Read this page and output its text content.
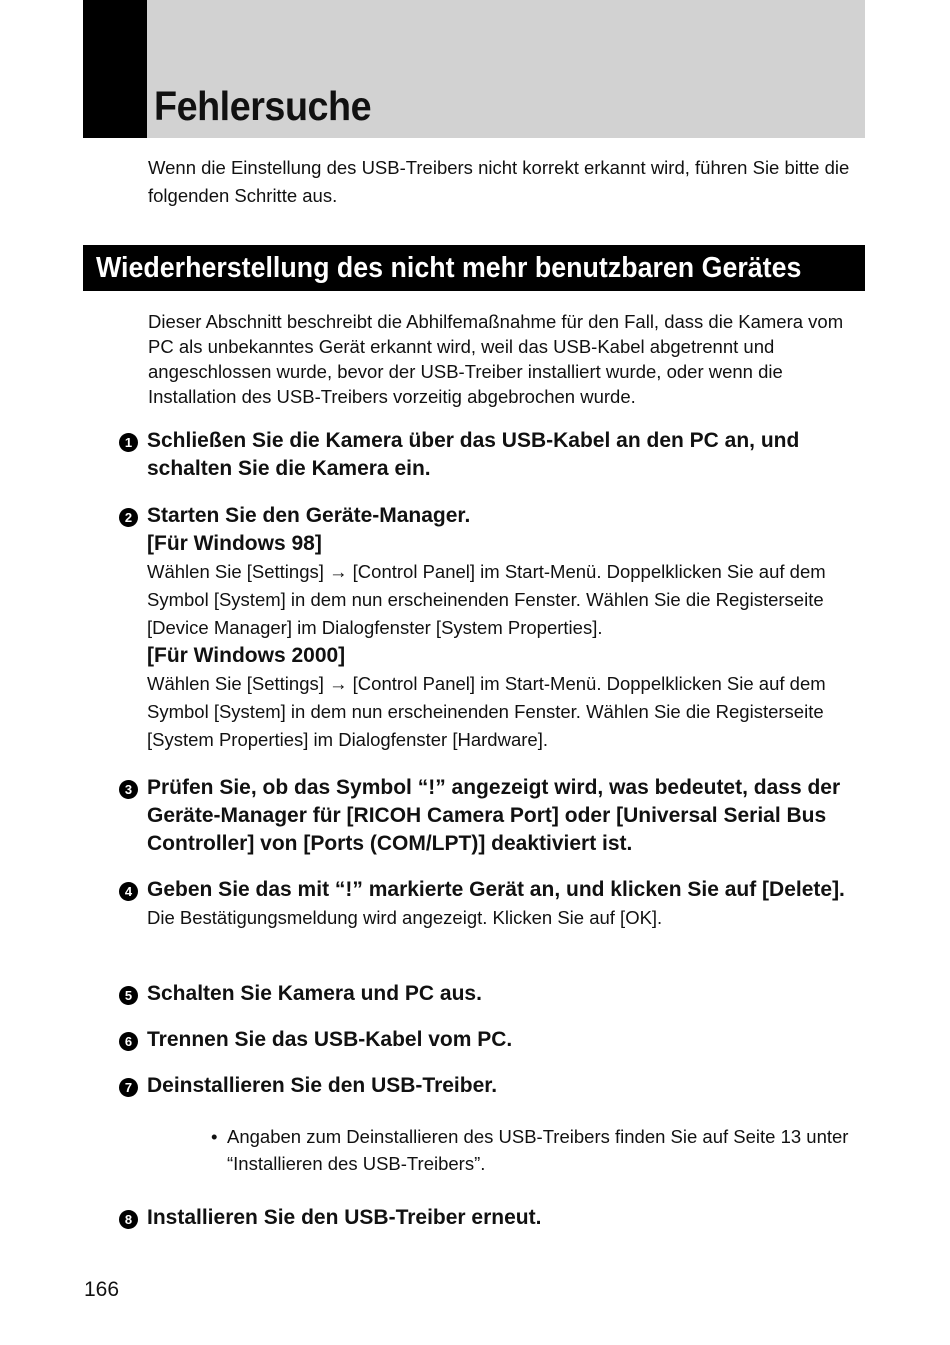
Fehlersuche

Wenn die Einstellung des USB-Treibers nicht korrekt erkannt wird, führen Sie bitte die folgenden Schritte aus.

Wiederherstellung des nicht mehr benutzbaren Gerätes

Dieser Abschnitt beschreibt die Abhilfemaßnahme für den Fall, dass die Kamera vom PC als unbekanntes Gerät erkannt wird, weil das USB-Kabel abgetrennt und angeschlossen wurde, bevor der USB-Treiber installiert wurde, oder wenn die Installation des USB-Treibers vorzeitig abgebrochen wurde.

1 Schließen Sie die Kamera über das USB-Kabel an den PC an, und schalten Sie die Kamera ein.
2 Starten Sie den Geräte-Manager.
[Für Windows 98]
Wählen Sie [Settings] → [Control Panel] im Start-Menü. Doppelklicken Sie auf dem Symbol [System] in dem nun erscheinenden Fenster. Wählen Sie die Registerseite [Device Manager] im Dialogfenster [System Properties].
[Für Windows 2000]
Wählen Sie [Settings] → [Control Panel] im Start-Menü. Doppelklicken Sie auf dem Symbol [System] in dem nun erscheinenden Fenster. Wählen Sie die Registerseite [System Properties] im Dialogfenster [Hardware].
3 Prüfen Sie, ob das Symbol “!” angezeigt wird, was bedeutet, dass der Geräte-Manager für [RICOH Camera Port] oder [Universal Serial Bus Controller] von [Ports (COM/LPT)] deaktiviert ist.
4 Geben Sie das mit “!” markierte Gerät an, und klicken Sie auf [Delete].
Die Bestätigungsmeldung wird angezeigt. Klicken Sie auf [OK].
5 Schalten Sie Kamera und PC aus.
6 Trennen Sie das USB-Kabel vom PC.
7 Deinstallieren Sie den USB-Treiber.
• Angaben zum Deinstallieren des USB-Treibers finden Sie auf Seite 13 unter “Installieren des USB-Treibers”.
8 Installieren Sie den USB-Treiber erneut.
166
